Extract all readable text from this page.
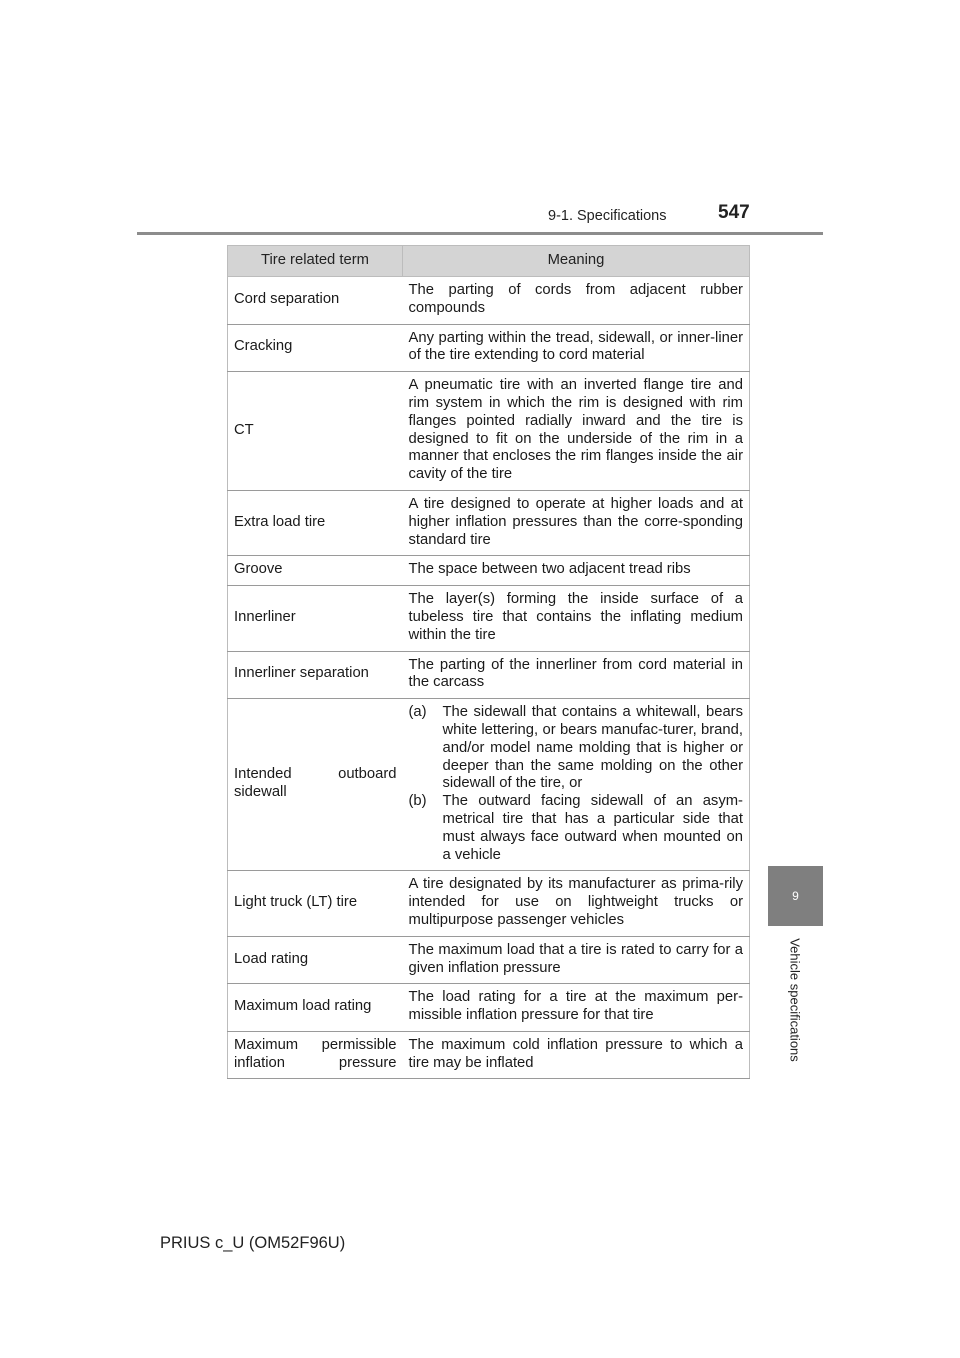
9-1. Specifications	547
9
Vehicle specifications
Tire related term	Meaning
Cord separation	The parting of cords from adjacent rubber compounds
Cracking	Any parting within the tread, sidewall, or inner-liner of the tire extending to cord material
CT	A pneumatic tire with an inverted flange tire and rim system in which the rim is designed with rim flanges pointed radially inward and the tire is designed to fit on the underside of the rim in a manner that encloses the rim flanges inside the air cavity of the tire
Extra load tire	A tire designed to operate at higher loads and at higher inflation pressures than the corre-sponding standard tire
Groove	The space between two adjacent tread ribs
Innerliner	The layer(s) forming the inside surface of a tubeless tire that contains the inflating medium within the tire
Innerliner separation	The parting of the innerliner from cord material in the carcass
Intended outboard sidewall	(a) The sidewall that contains a whitewall, bears white lettering, or bears manufac-turer, brand, and/or model name molding that is higher or deeper than the same molding on the other sidewall of the tire, or
(b) The outward facing sidewall of an asym-metrical tire that has a particular side that must always face outward when mounted on a vehicle

Light truck (LT) tire	A tire designated by its manufacturer as prima-rily intended for use on lightweight trucks or multipurpose passenger vehicles
Load rating	The maximum load that a tire is rated to carry for a given inflation pressure
Maximum load rating	The load rating for a tire at the maximum per-missible inflation pressure for that tire
Maximum permissible inflation pressure	The maximum cold inflation pressure to which a tire may be inflated
PRIUS c_U (OM52F96U)
